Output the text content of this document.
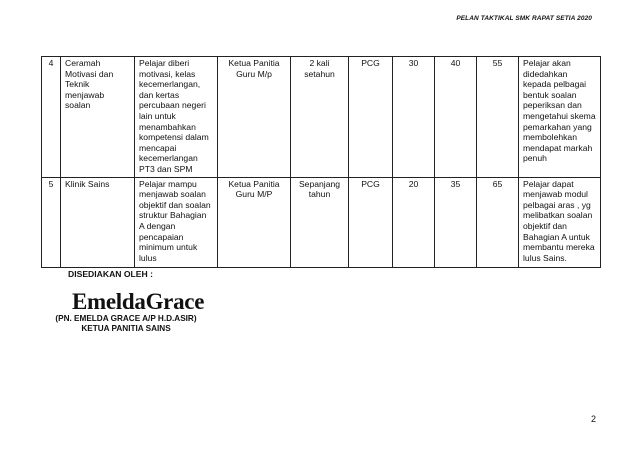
PELAN TAKTIKAL SMK RAPAT SETIA 2020
4	Ceramah Motivasi dan Teknik menjawab soalan	Pelajar diberi motivasi, kelas kecemerlangan, dan kertas percubaan negeri lain untuk menambahkan kompetensi dalam mencapai kecemerlangan PT3 dan SPM	Ketua Panitia Guru M/p	2 kali setahun	PCG	30	40	55	Pelajar akan didedahkan kepada pelbagai bentuk soalan peperiksan dan mengetahui skema pemarkahan yang membolehkan mendapat markah penuh
5	Klinik Sains	Pelajar mampu menjawab soalan objektif dan soalan struktur Bahagian A dengan pencapaian minimum untuk lulus	Ketua Panitia Guru M/P	Sepanjang tahun	PCG	20	35	65	Pelajar dapat menjawab modul pelbagai aras , yg melibatkan soalan objektif dan Bahagian A untuk membantu mereka lulus Sains.
DISEDIAKAN OLEH :
EmeldaGrace
(PN. EMELDA GRACE A/P H.D.ASIR)
KETUA PANITIA SAINS
2
